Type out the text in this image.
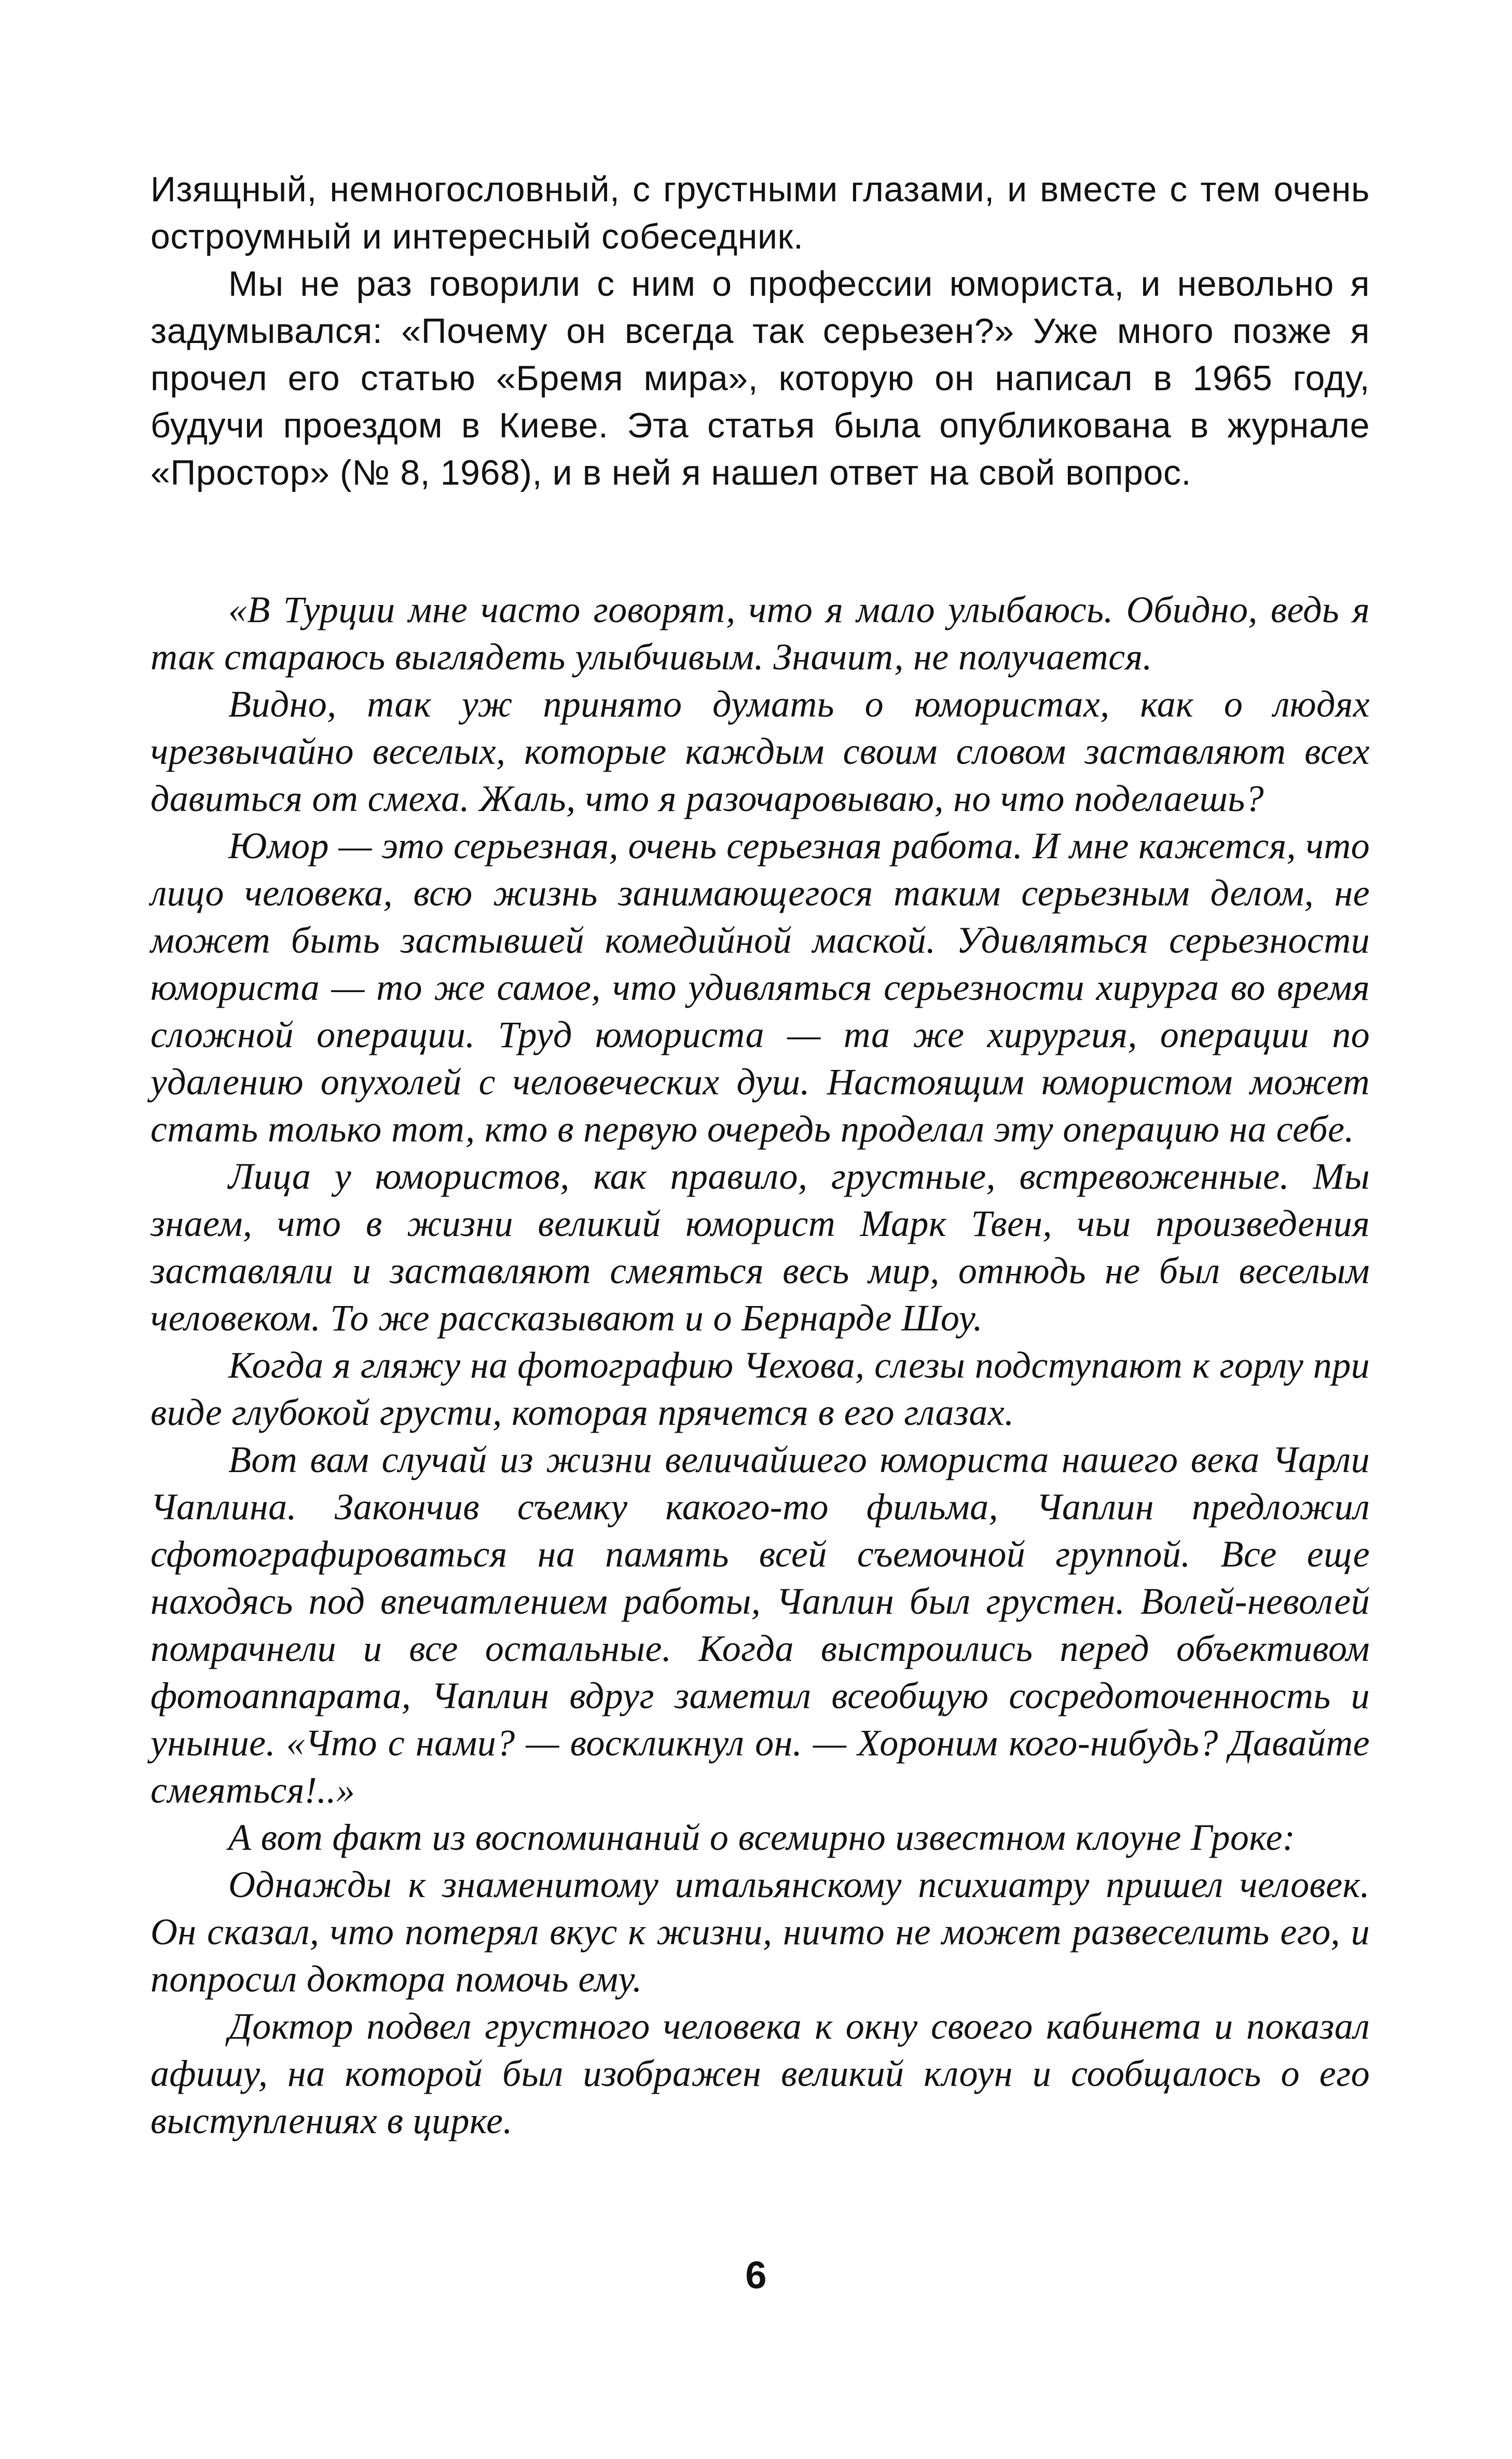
Изящный, немногословный, с грустными глазами, и вместе с тем очень остроумный и интересный собеседник.

Мы не раз говорили с ним о профессии юмориста, и невольно я задумывался: «Почему он всегда так серьезен?» Уже много позже я прочел его статью «Бремя мира», которую он написал в 1965 году, будучи проездом в Киеве. Эта статья была опубликована в журнале «Простор» (№ 8, 1968), и в ней я нашел ответ на свой вопрос.

«В Турции мне часто говорят, что я мало улыбаюсь. Обидно, ведь я так стараюсь выглядеть улыбчивым. Значит, не получается.

Видно, так уж принято думать о юмористах, как о людях чрезвычайно веселых, которые каждым своим словом заставляют всех давиться от смеха. Жаль, что я разочаровываю, но что поделаешь?

Юмор — это серьезная, очень серьезная работа. И мне кажется, что лицо человека, всю жизнь занимающегося таким серьезным делом, не может быть застывшей комедийной маской. Удивляться серьезности юмориста — то же самое, что удивляться серьезности хирурга во время сложной операции. Труд юмориста — та же хирургия, операции по удалению опухолей с человеческих душ. Настоящим юмористом может стать только тот, кто в первую очередь проделал эту операцию на себе.

Лица у юмористов, как правило, грустные, встревоженные. Мы знаем, что в жизни великий юморист Марк Твен, чьи произведения заставляли и заставляют смеяться весь мир, отнюдь не был веселым человеком. То же рассказывают и о Бернарде Шоу.

Когда я гляжу на фотографию Чехова, слезы подступают к горлу при виде глубокой грусти, которая прячется в его глазах.

Вот вам случай из жизни величайшего юмориста нашего века Чарли Чаплина. Закончив съемку какого-то фильма, Чаплин предложил сфотографироваться на память всей съемочной группой. Все еще находясь под впечатлением работы, Чаплин был грустен. Волей-неволей помрачнели и все остальные. Когда выстроились перед объективом фотоаппарата, Чаплин вдруг заметил всеобщую сосредоточенность и уныние. «Что с нами? — воскликнул он. — Хороним кого-нибудь? Давайте смеяться!..»

А вот факт из воспоминаний о всемирно известном клоуне Гроке:

Однажды к знаменитому итальянскому психиатру пришел человек. Он сказал, что потерял вкус к жизни, ничто не может развеселить его, и попросил доктора помочь ему.

Доктор подвел грустного человека к окну своего кабинета и показал афишу, на которой был изображен великий клоун и сообщалось о его выступлениях в цирке.

6
